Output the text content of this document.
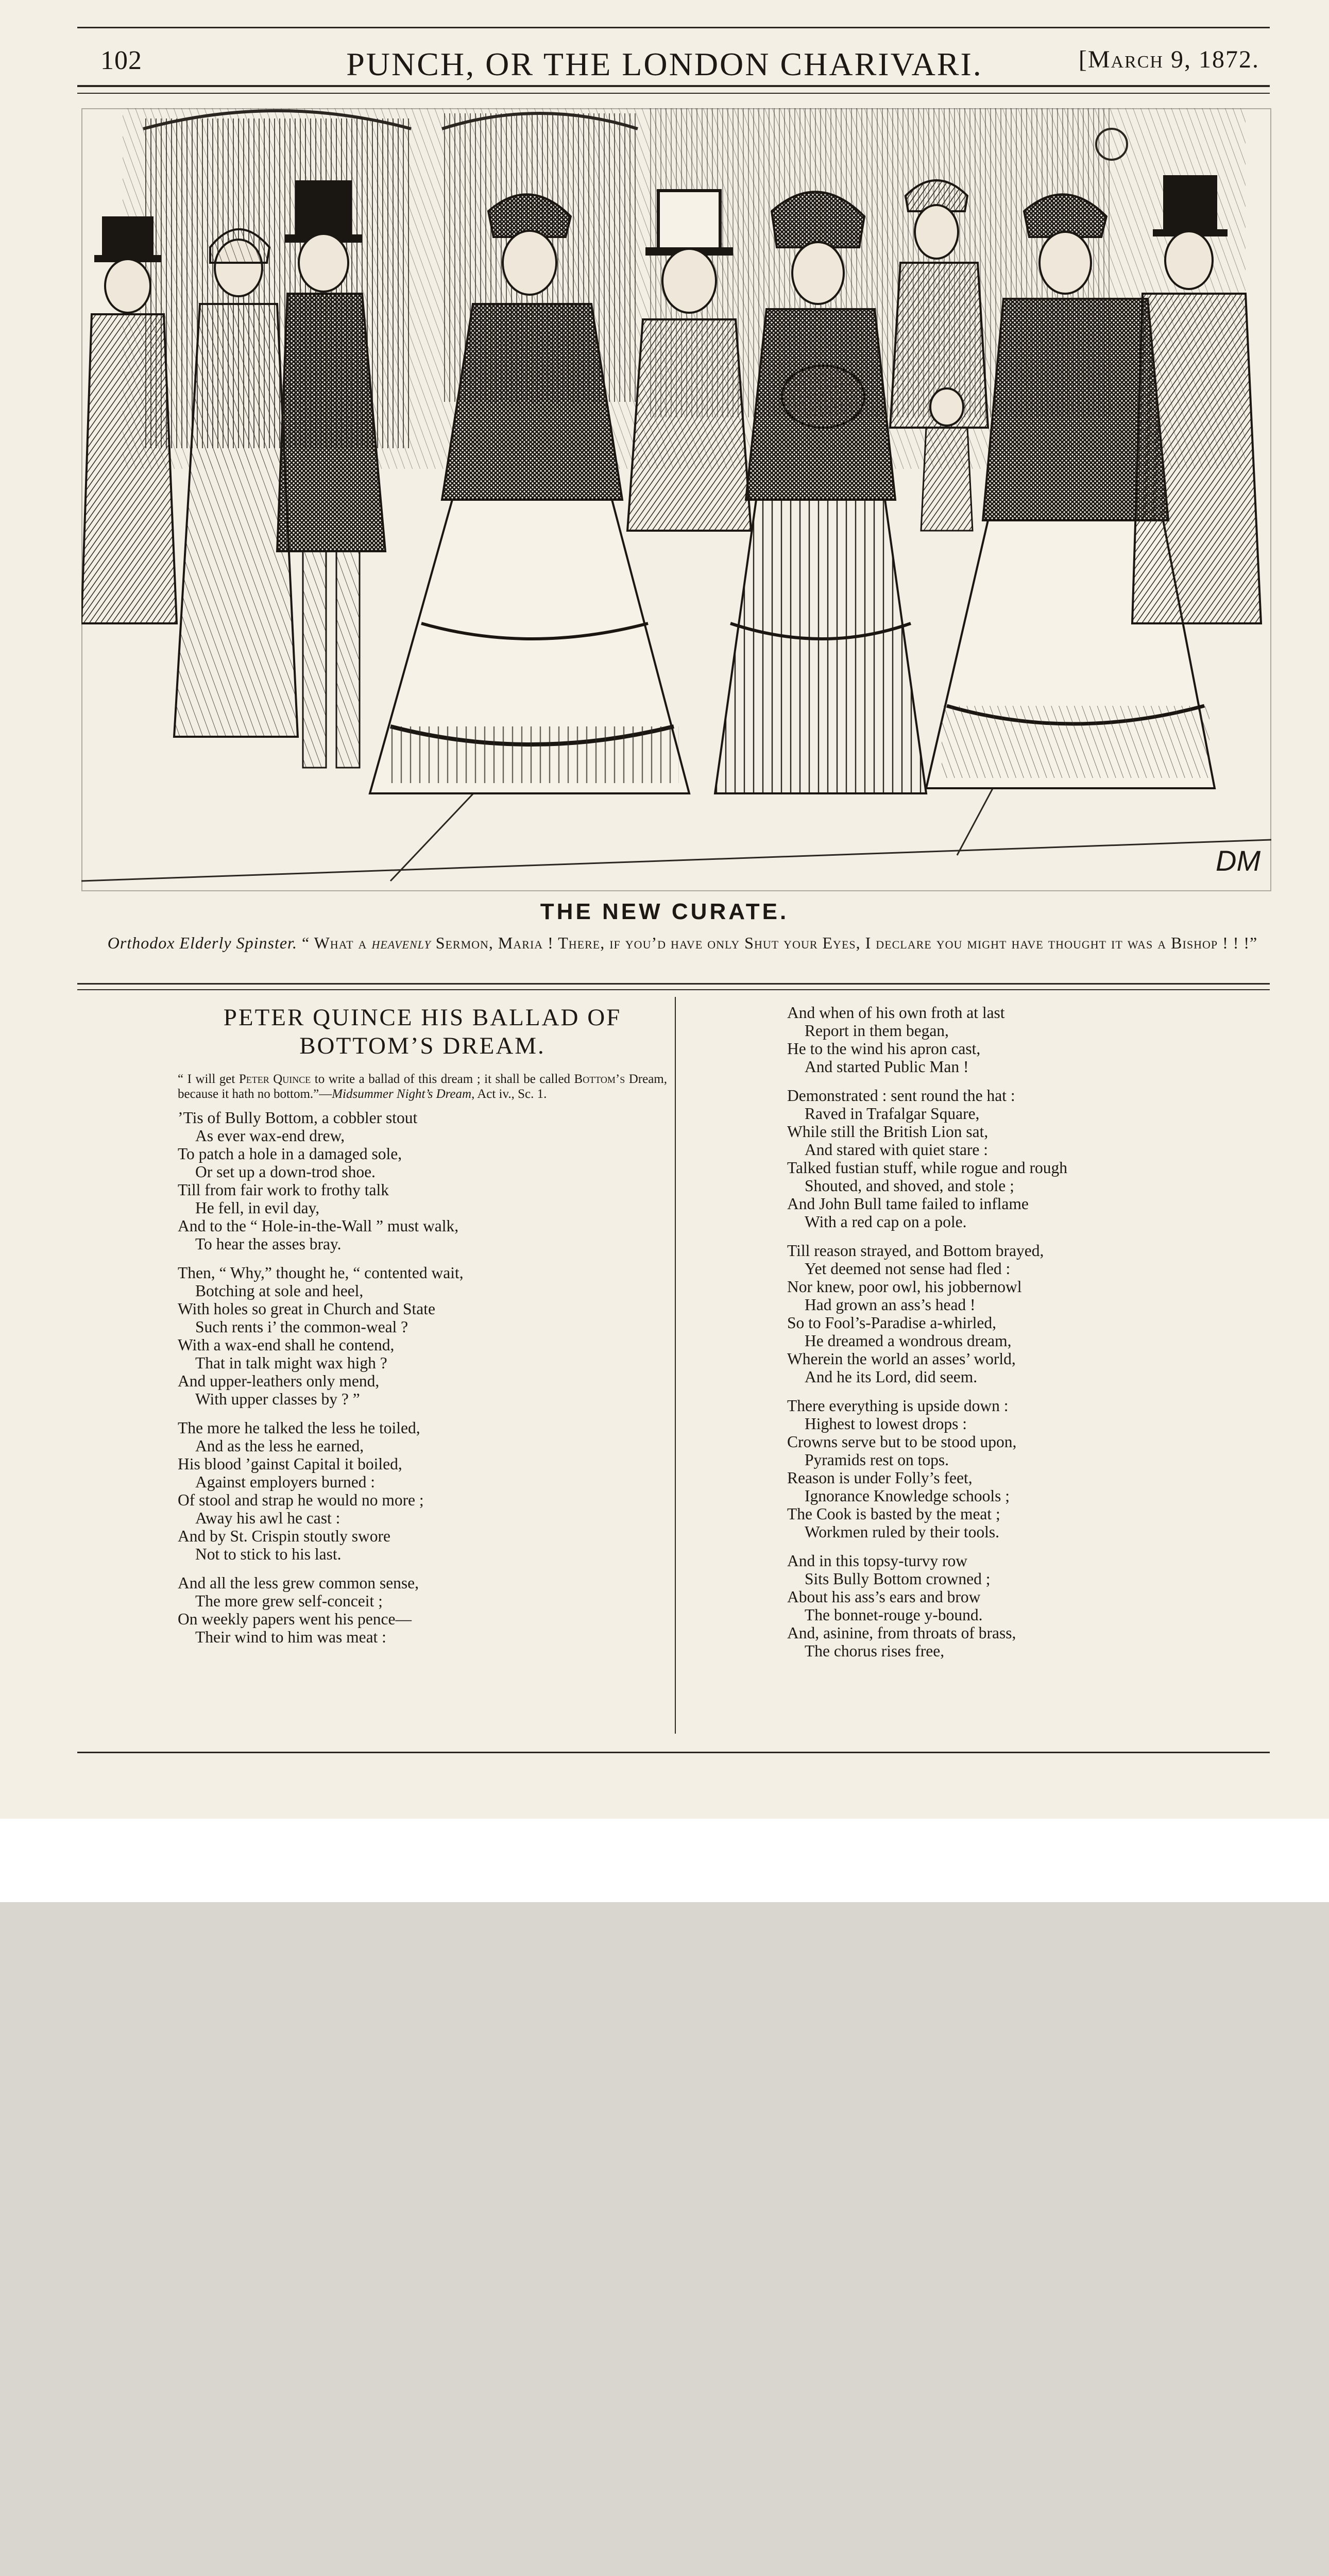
102	PUNCH, OR THE LONDON CHARIVARI.	[March 9, 1872.
DM
THE NEW CURATE.
Orthodox Elderly Spinster. “ What a heavenly Sermon, Maria ! There, if you’d have only Shut your Eyes, I declare you might have thought it was a Bishop ! ! !”
PETER QUINCE HIS BALLAD OF
BOTTOM’S DREAM.
“ I will get Peter Quince to write a ballad of this dream ; it shall be called Bottom’s Dream, because it hath no bottom.”—Midsummer Night’s Dream, Act iv., Sc. 1.
’Tis of Bully Bottom, a cobbler stout
As ever wax-end drew,
To patch a hole in a damaged sole,
Or set up a down-trod shoe.
Till from fair work to frothy talk
He fell, in evil day,
And to the “ Hole-in-the-Wall ” must walk,
To hear the asses bray.
Then, “ Why,” thought he, “ contented wait,
Botching at sole and heel,
With holes so great in Church and State
Such rents i’ the common-weal ?
With a wax-end shall he contend,
That in talk might wax high ?
And upper-leathers only mend,
With upper classes by ? ”
The more he talked the less he toiled,
And as the less he earned,
His blood ’gainst Capital it boiled,
Against employers burned :
Of stool and strap he would no more ;
Away his awl he cast :
And by St. Crispin stoutly swore
Not to stick to his last.
And all the less grew common sense,
The more grew self-conceit ;
On weekly papers went his pence—
Their wind to him was meat :
And when of his own froth at last
Report in them began,
He to the wind his apron cast,
And started Public Man !
Demonstrated : sent round the hat :
Raved in Trafalgar Square,
While still the British Lion sat,
And stared with quiet stare :
Talked fustian stuff, while rogue and rough
Shouted, and shoved, and stole ;
And John Bull tame failed to inflame
With a red cap on a pole.
Till reason strayed, and Bottom brayed,
Yet deemed not sense had fled :
Nor knew, poor owl, his jobbernowl
Had grown an ass’s head !
So to Fool’s-Paradise a-whirled,
He dreamed a wondrous dream,
Wherein the world an asses’ world,
And he its Lord, did seem.
There everything is upside down :
Highest to lowest drops :
Crowns serve but to be stood upon,
Pyramids rest on tops.
Reason is under Folly’s feet,
Ignorance Knowledge schools ;
The Cook is basted by the meat ;
Workmen ruled by their tools.
And in this topsy-turvy row
Sits Bully Bottom crowned ;
About his ass’s ears and brow
The bonnet-rouge y-bound.
And, asinine, from throats of brass,
The chorus rises free,
